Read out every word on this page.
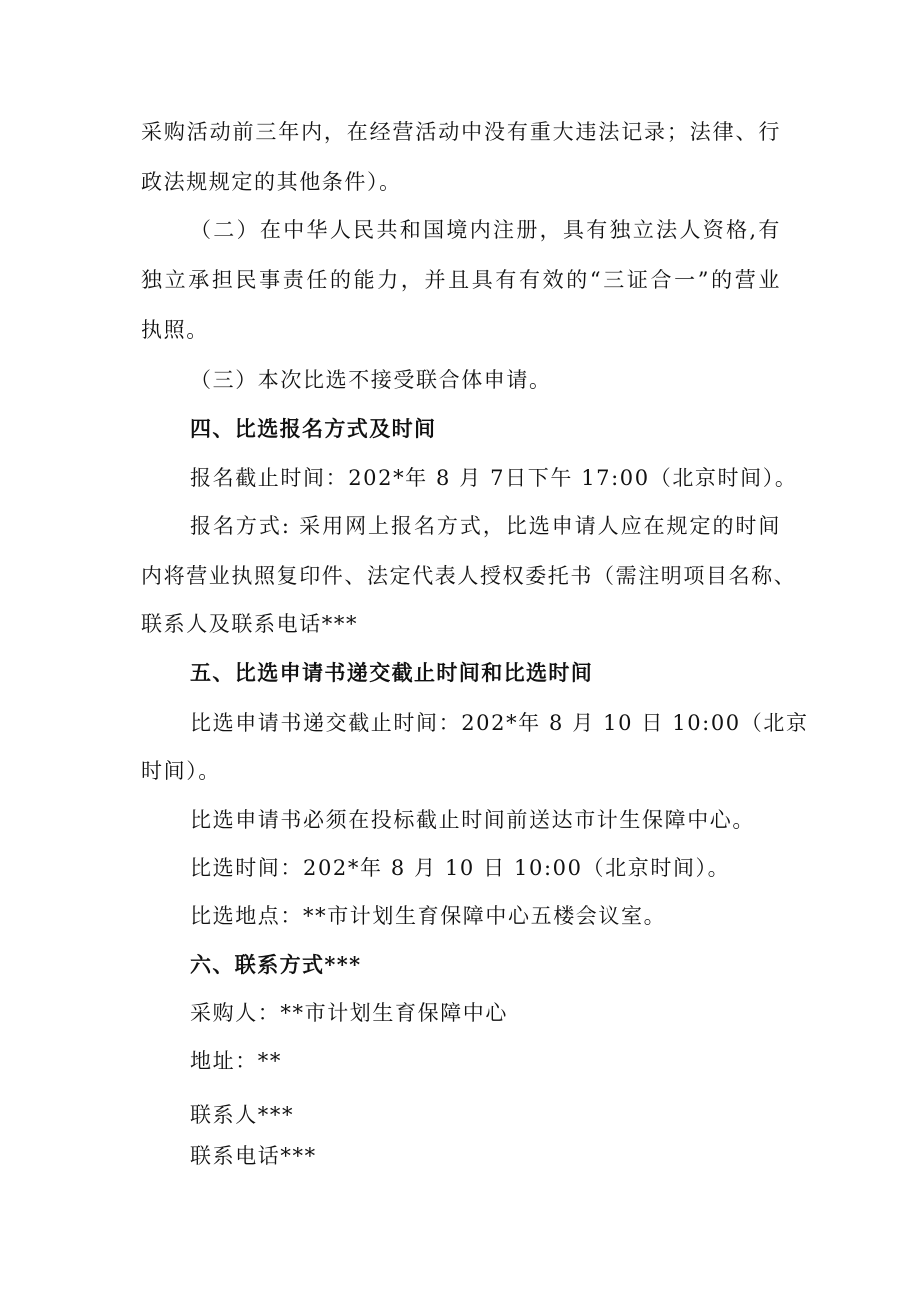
采购活动前三年内，在经营活动中没有重大违法记录；法律、行

政法规规定的其他条件）。

（二）在中华人民共和国境内注册，具有独立法人资格,有

独立承担民事责任的能力，并且具有有效的“三证合一”的营业

执照。

（三）本次比选不接受联合体申请。

四、比选报名方式及时间

报名截止时间：202*年 8 月 7日下午 17:00（北京时间）。

报名方式: 采用网上报名方式，比选申请人应在规定的时间

内将营业执照复印件、法定代表人授权委托书（需注明项目名称、

联系人及联系电话***

五、比选申请书递交截止时间和比选时间

比选申请书递交截止时间：202*年 8 月 10 日 10:00（北京

时间）。

比选申请书必须在投标截止时间前送达市计生保障中心。

比选时间：202*年 8 月 10 日 10:00（北京时间）。

比选地点：**市计划生育保障中心五楼会议室。

六、联系方式***

采购人：**市计划生育保障中心

地址：**

联系人***

联系电话***
